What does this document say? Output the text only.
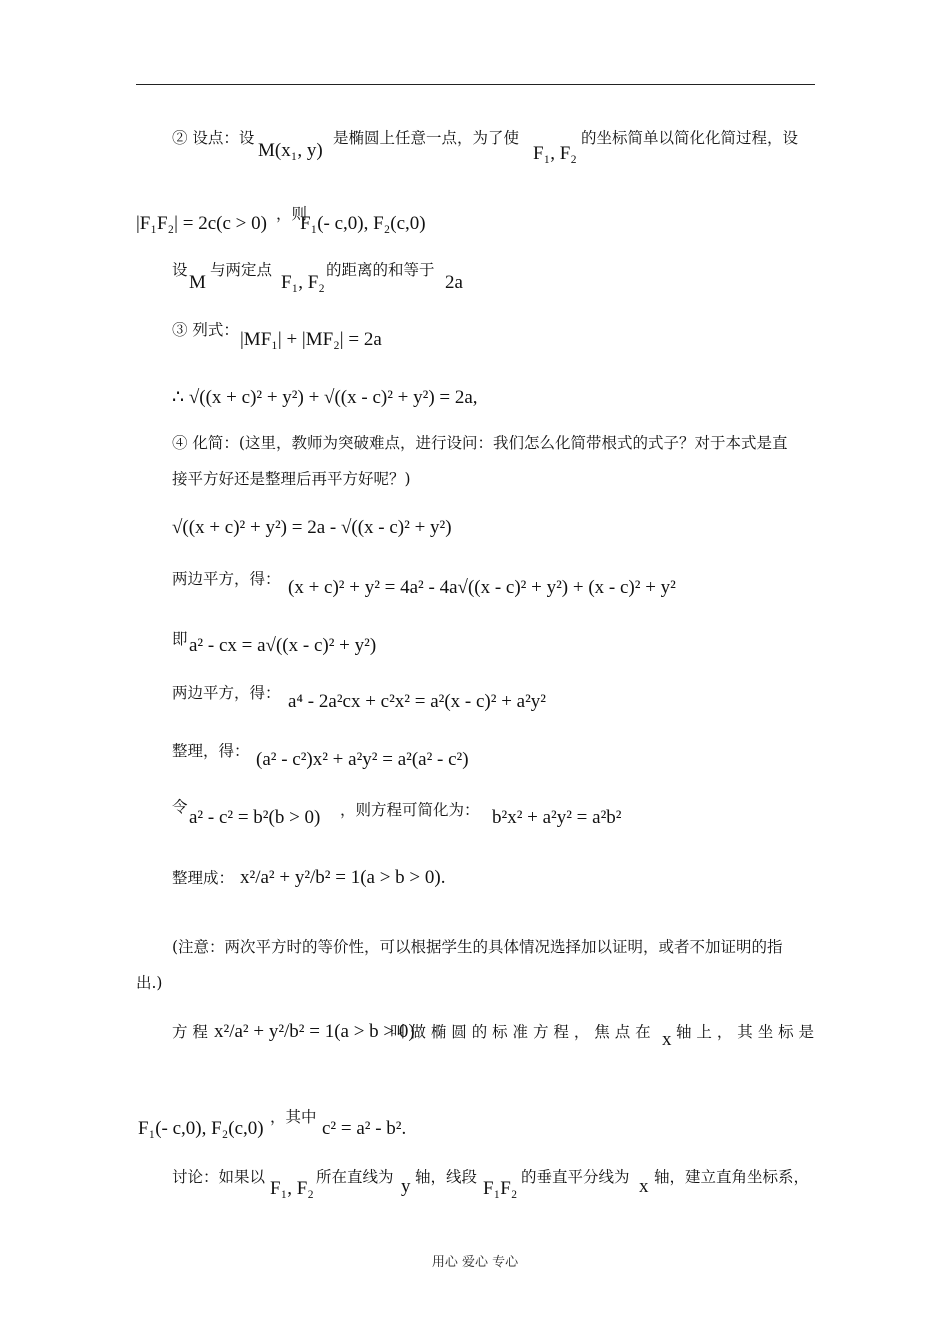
② 设点：设
M(x₁, y)
是椭圆上任意一点，为了使
F₁, F₂
的坐标简单以简化化简过程，设
|F₁F₂| = 2c(c > 0) ，则
F₁(- c,0), F₂(c,0)
设
M
与两定点
F₁, F₂
的距离的和等于
2a
③ 列式： |MF₁| + |MF₂| = 2a
∴ √((x + c)² + y²) + √((x - c)² + y²) = 2a,
④ 化简：(这里，教师为突破难点，进行设问：我们怎么化简带根式的式子？对于本式是直
接平方好还是整理后再平方好呢？)
√((x + c)² + y²) = 2a - √((x - c)² + y²)
两边平方，得： (x + c)² + y² = 4a² - 4a√((x - c)² + y²) + (x - c)² + y²
即 a² - cx = a√((x - c)² + y²)
两边平方，得： a⁴ - 2a²cx + c²x² = a²(x - c)² + a²y²
整理，得： (a² - c²)x² + a²y² = a²(a² - c²)
令 a² - c² = b²(b > 0) ，则方程可简化为： b²x² + a²y² = a²b²
整理成： x²/a² + y²/b² = 1(a > b > 0).
(注意：两次平方时的等价性，可以根据学生的具体情况选择加以证明，或者不加证明的指
出.)
方 程 x²/a² + y²/b² = 1(a > b > 0)
叫 做 椭 圆 的 标 准 方 程 ， 焦 点 在 x 轴 上 ， 其 坐 标 是
F₁(- c,0), F₂(c,0)
，其中
c² = a² - b².
讨论：如果以
F₁, F₂
所在直线为 y 轴，线段
F₁F₂
的垂直平分线为 x 轴，建立直角坐标系，
用心 爱心 专心
